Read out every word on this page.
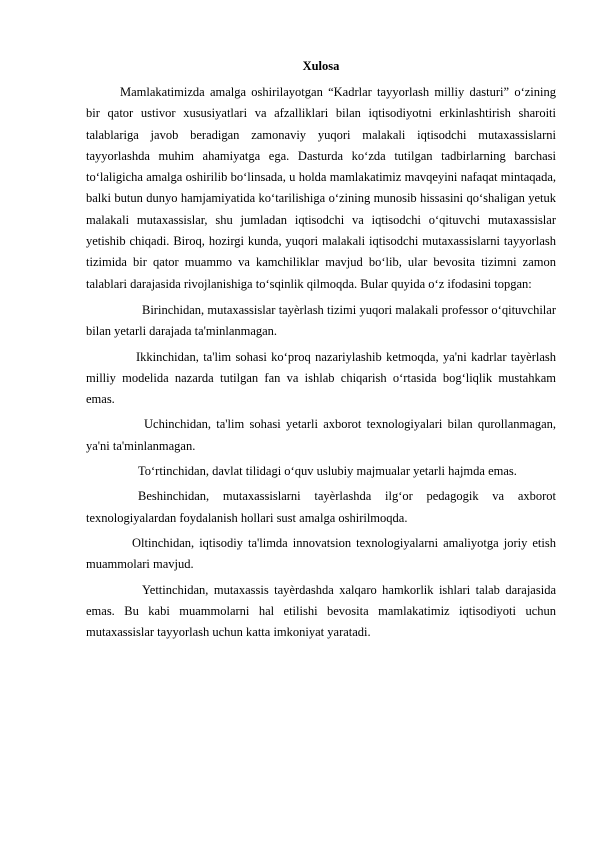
Xulosa

Mamlakatimizda amalga oshirilayotgan “Kadrlar tayyorlash milliy dasturi” o‘zining bir qator ustivor xususiyatlari va afzalliklari bilan iqtisodiyotni erkinlashtirish sharoiti talablariga javob beradigan zamonaviy yuqori malakali iqtisodchi mutaxassislarni tayyorlashda muhim ahamiyatga ega. Dasturda ko‘zda tutilgan tadbirlarning barchasi to‘laligicha amalga oshirilib bo‘linsada, u holda mamlakatimiz mavqeyini nafaqat mintaqada, balki butun dunyo hamjamiyatida ko‘tarilishiga o‘zining munosib hissasini qo‘shaligan yetuk malakali mutaxassislar, shu jumladan iqtisodchi va iqtisodchi o‘qituvchi mutaxassislar yetishib chiqadi. Biroq, hozirgi kunda, yuqori malakali iqtisodchi mutaxassislarni tayyorlash tizimida bir qator muammo va kamchiliklar mavjud bo‘lib, ular bevosita tizimni zamon talablari darajasida rivojlanishiga to‘sqinlik qilmoqda. Bular quyida o‘z ifodasini topgan:

Birinchidan, mutaxassislar tayèrlash tizimi yuqori malakali professor o‘qituvchilar bilan yetarli darajada ta'minlanmagan.

Ikkinchidan, ta'lim sohasi ko‘proq nazariylashib ketmoqda, ya'ni kadrlar tayèrlash milliy modelida nazarda tutilgan fan va ishlab chiqarish o‘rtasida bog‘liqlik mustahkam emas.

Uchinchidan, ta'lim sohasi yetarli axborot texnologiyalari bilan qurollanmagan, ya'ni ta'minlanmagan.

To‘rtinchidan, davlat tilidagi o‘quv uslubiy majmualar yetarli hajmda emas.

Beshinchidan, mutaxassislarni tayèrlashda ilg‘or pedagogik va axborot texnologiyalardan foydalanish hollari sust amalga oshirilmoqda.

Oltinchidan, iqtisodiy ta'limda innovatsion texnologiyalarni amaliyotga joriy etish muammolari mavjud.

Yettinchidan, mutaxassis tayèrdashda xalqaro hamkorlik ishlari talab darajasida emas. Bu kabi muammolarni hal etilishi bevosita mamlakatimiz iqtisodiyoti uchun mutaxassislar tayyorlash uchun katta imkoniyat yaratadi.
